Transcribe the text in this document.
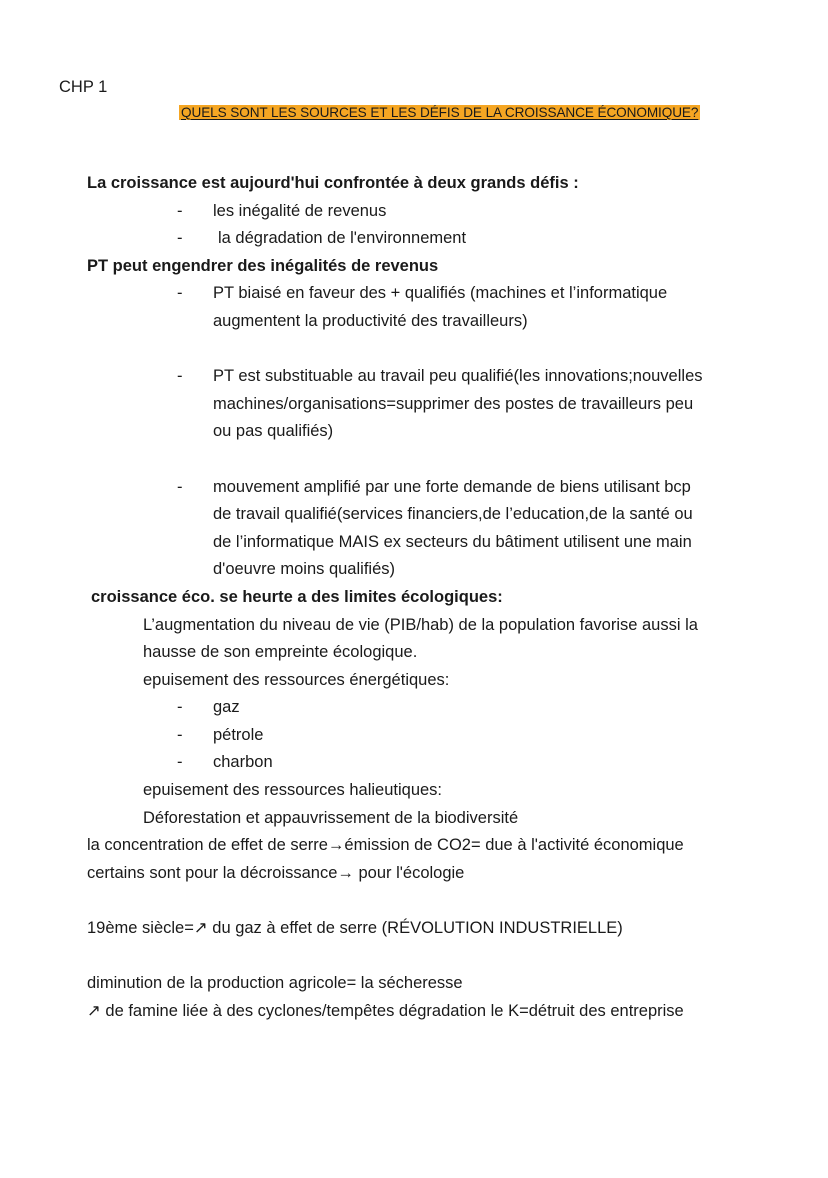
CHP 1
QUELS SONT LES SOURCES ET LES DÉFIS DE LA CROISSANCE ÉCONOMIQUE?
La croissance est aujourd'hui confrontée à deux grands défis :
- les inégalité de revenus
- la dégradation de l'environnement
PT peut engendrer des inégalités de revenus
- PT biaisé en faveur des + qualifiés (machines et l’informatique
augmentent la productivité des travailleurs)
- PT est substituable au travail peu qualifié(les innovations;nouvelles
machines/organisations=supprimer des postes de travailleurs peu
ou pas qualifiés)
- mouvement amplifié par une forte demande de biens utilisant bcp
de travail qualifié(services financiers,de l’education,de la santé ou
de l’informatique MAIS ex secteurs du bâtiment utilisent une main
d'oeuvre moins qualifiés)
croissance éco. se heurte a des limites écologiques:
L’augmentation du niveau de vie (PIB/hab) de la population favorise aussi la
hausse de son empreinte écologique.
epuisement des ressources énergétiques:
- gaz
- pétrole
- charbon
epuisement des ressources halieutiques:
Déforestation et appauvrissement de la biodiversité
la concentration de effet de serre→émission de CO2= due à l'activité économique
certains sont pour la décroissance→ pour l'écologie
19ème siècle=↗ du gaz à effet de serre (RÉVOLUTION INDUSTRIELLE)
diminution de la production agricole= la sécheresse
↗ de famine liée à des cyclones/tempêtes dégradation le K=détruit des entreprise
